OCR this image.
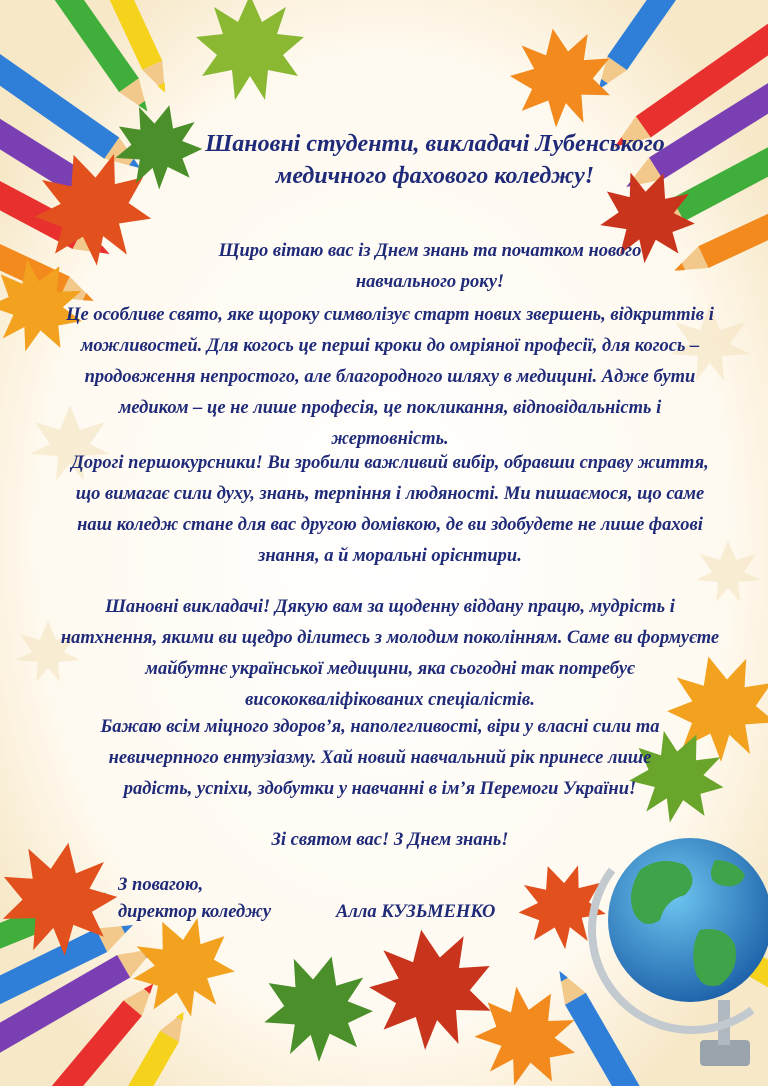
Шановні студенти, викладачі Лубенського медичного фахового коледжу!
Щиро вітаю вас із Днем знань та початком нового навчального року!
Це особливе свято, яке щороку символізує старт нових звершень, відкриттів і можливостей. Для когось це перші кроки до омріяної професії, для когось – продовження непростого, але благородного шляху в медицині. Адже бути медиком – це не лише професія, це покликання, відповідальність і жертовність.
Дорогі першокурсники! Ви зробили важливий вибір, обравши справу життя, що вимагає сили духу, знань, терпіння і людяності. Ми пишаємося, що саме наш коледж стане для вас другою домівкою, де ви здобудете не лише фахові знання, а й моральні орієнтири.
Шановні викладачі! Дякую вам за щоденну віддану працю, мудрість і натхнення, якими ви щедро ділитесь з молодим поколінням. Саме ви формуєте майбутнє української медицини, яка сьогодні так потребує висококваліфікованих спеціалістів.
Бажаю всім міцного здоров’я, наполегливості, віри у власні сили та невичерпного ентузіазму. Хай новий навчальний рік принесе лише радість, успіхи, здобутки у навчанні в ім’я Перемоги України!
Зі святом вас! З Днем знань!
З повагою,
директор коледжу	Алла КУЗЬМЕНКО
